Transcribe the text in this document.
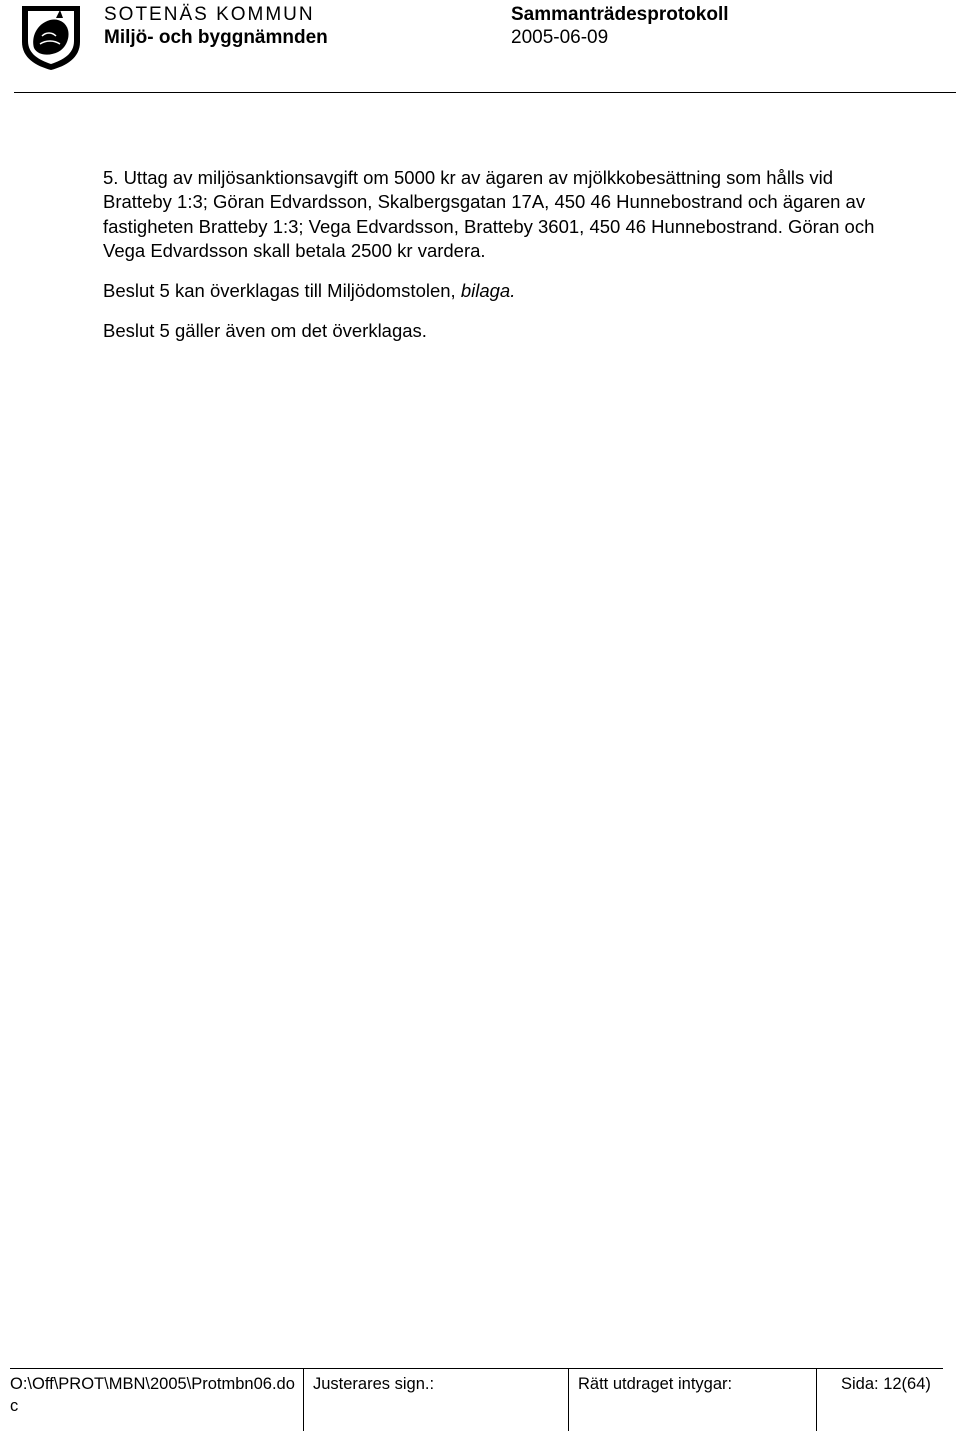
SOTENÄS KOMMUN
Miljö- och byggnämnden
Sammanträdesprotokoll
2005-06-09

5. Uttag av miljösanktionsavgift om 5000 kr av ägaren av mjölkkobesättning som hålls vid Bratteby 1:3; Göran Edvardsson, Skalbergsgatan 17A, 450 46 Hunnebostrand och ägaren av fastigheten Bratteby 1:3; Vega Edvardsson, Bratteby 3601, 450 46 Hunnebostrand. Göran och Vega Edvardsson skall betala 2500 kr vardera.

Beslut 5 kan överklagas till Miljödomstolen, bilaga.

Beslut 5 gäller även om det överklagas.

O:\Off\PROT\MBN\2005\Protmbn06.doc
Justerares sign.:	Rätt utdraget intygar:	Sida: 12(64)
